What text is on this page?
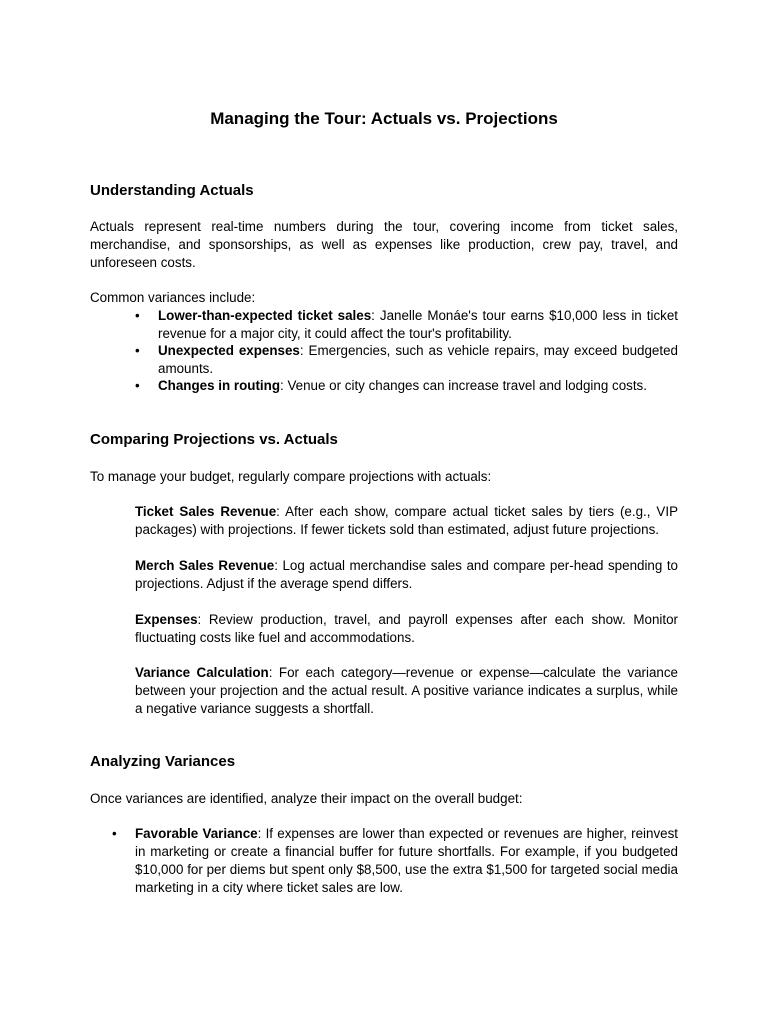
Managing the Tour: Actuals vs. Projections
Understanding Actuals

Actuals represent real-time numbers during the tour, covering income from ticket sales, merchandise, and sponsorships, as well as expenses like production, crew pay, travel, and unforeseen costs.

Common variances include:

• Lower-than-expected ticket sales: Janelle Monáe's tour earns $10,000 less in ticket revenue for a major city, it could affect the tour's profitability.
• Unexpected expenses: Emergencies, such as vehicle repairs, may exceed budgeted amounts.
• Changes in routing: Venue or city changes can increase travel and lodging costs.
Comparing Projections vs. Actuals

To manage your budget, regularly compare projections with actuals:

Ticket Sales Revenue: After each show, compare actual ticket sales by tiers (e.g., VIP packages) with projections. If fewer tickets sold than estimated, adjust future projections.

Merch Sales Revenue: Log actual merchandise sales and compare per-head spending to projections. Adjust if the average spend differs.

Expenses: Review production, travel, and payroll expenses after each show. Monitor fluctuating costs like fuel and accommodations.

Variance Calculation: For each category—revenue or expense—calculate the variance between your projection and the actual result. A positive variance indicates a surplus, while a negative variance suggests a shortfall.

Analyzing Variances

Once variances are identified, analyze their impact on the overall budget:

• Favorable Variance: If expenses are lower than expected or revenues are higher, reinvest in marketing or create a financial buffer for future shortfalls. For example, if you budgeted $10,000 for per diems but spent only $8,500, use the extra $1,500 for targeted social media marketing in a city where ticket sales are low.
